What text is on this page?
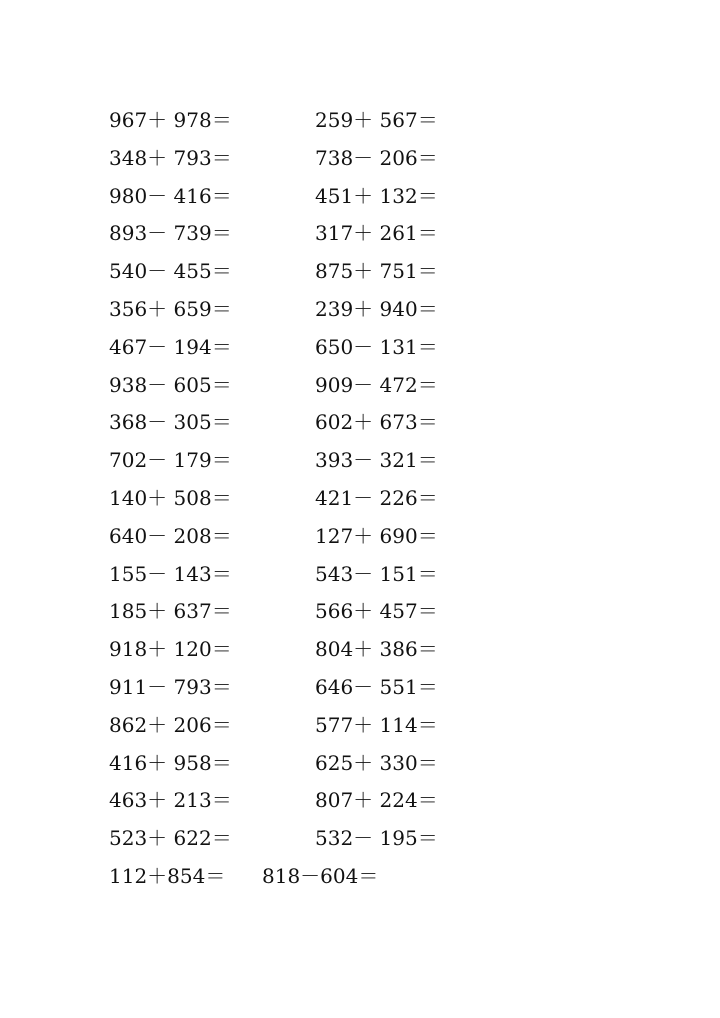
967＋ 978＝	259＋ 567＝
348＋ 793＝	738－ 206＝
980－ 416＝	451＋ 132＝
893－ 739＝	317＋ 261＝
540－ 455＝	875＋ 751＝
356＋ 659＝	239＋ 940＝
467－ 194＝	650－ 131＝
938－ 605＝	909－ 472＝
368－ 305＝	602＋ 673＝
702－ 179＝	393－ 321＝
140＋ 508＝	421－ 226＝
640－ 208＝	127＋ 690＝
155－ 143＝	543－ 151＝
185＋ 637＝	566＋ 457＝
918＋ 120＝	804＋ 386＝
911－ 793＝	646－ 551＝
862＋ 206＝	577＋ 114＝
416＋ 958＝	625＋ 330＝
463＋ 213＝	807＋ 224＝
523＋ 622＝	532－ 195＝
112＋854＝ 818－604＝
